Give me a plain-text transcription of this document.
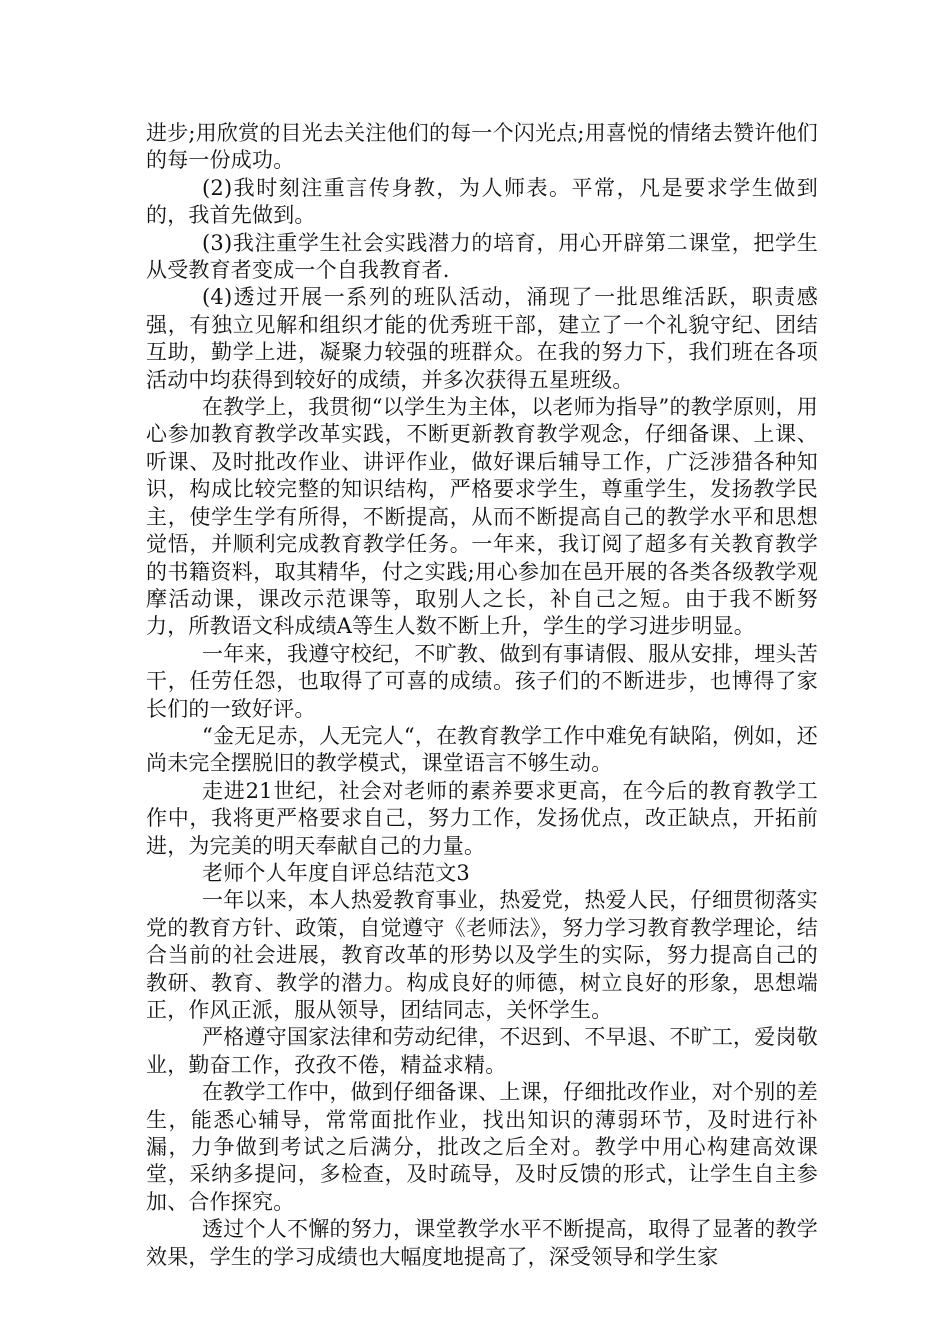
进步;用欣赏的目光去关注他们的每一个闪光点;用喜悦的情绪去赞许他们的每一份成功。

(2)我时刻注重言传身教，为人师表。平常，凡是要求学生做到的，我首先做到。

(3)我注重学生社会实践潜力的培育，用心开辟第二课堂，把学生从受教育者变成一个自我教育者.

(4)透过开展一系列的班队活动，涌现了一批思维活跃，职责感强，有独立见解和组织才能的优秀班干部，建立了一个礼貌守纪、团结互助，勤学上进，凝聚力较强的班群众。在我的努力下，我们班在各项活动中均获得到较好的成绩，并多次获得五星班级。

在教学上，我贯彻“以学生为主体，以老师为指导”的教学原则，用心参加教育教学改革实践，不断更新教育教学观念，仔细备课、上课、听课、及时批改作业、讲评作业，做好课后辅导工作，广泛涉猎各种知识，构成比较完整的知识结构，严格要求学生，尊重学生，发扬教学民主，使学生学有所得，不断提高，从而不断提高自己的教学水平和思想觉悟，并顺利完成教育教学任务。一年来，我订阅了超多有关教育教学的书籍资料，取其精华，付之实践;用心参加在邑开展的各类各级教学观摩活动课，课改示范课等，取别人之长，补自己之短。由于我不断努力，所教语文科成绩A等生人数不断上升，学生的学习进步明显。

一年来，我遵守校纪，不旷教、做到有事请假、服从安排，埋头苦干，任劳任怨，也取得了可喜的成绩。孩子们的不断进步，也博得了家长们的一致好评。

“金无足赤，人无完人“，在教育教学工作中难免有缺陷，例如，还尚未完全摆脱旧的教学模式，课堂语言不够生动。

走进21世纪，社会对老师的素养要求更高，在今后的教育教学工作中，我将更严格要求自己，努力工作，发扬优点，改正缺点，开拓前进，为完美的明天奉献自己的力量。

老师个人年度自评总结范文3

一年以来，本人热爱教育事业，热爱党，热爱人民，仔细贯彻落实党的教育方针、政策，自觉遵守《老师法》，努力学习教育教学理论，结合当前的社会进展，教育改革的形势以及学生的实际，努力提高自己的教研、教育、教学的潜力。构成良好的师德，树立良好的形象，思想端正，作风正派，服从领导，团结同志，关怀学生。

严格遵守国家法律和劳动纪律，不迟到、不早退、不旷工，爱岗敬业，勤奋工作，孜孜不倦，精益求精。

在教学工作中，做到仔细备课、上课，仔细批改作业，对个别的差生，能悉心辅导，常常面批作业，找出知识的薄弱环节，及时进行补漏，力争做到考试之后满分，批改之后全对。教学中用心构建高效课堂，采纳多提问，多检查，及时疏导，及时反馈的形式，让学生自主参加、合作探究。

透过个人不懈的努力，课堂教学水平不断提高，取得了显著的教学效果，学生的学习成绩也大幅度地提高了，深受领导和学生家
